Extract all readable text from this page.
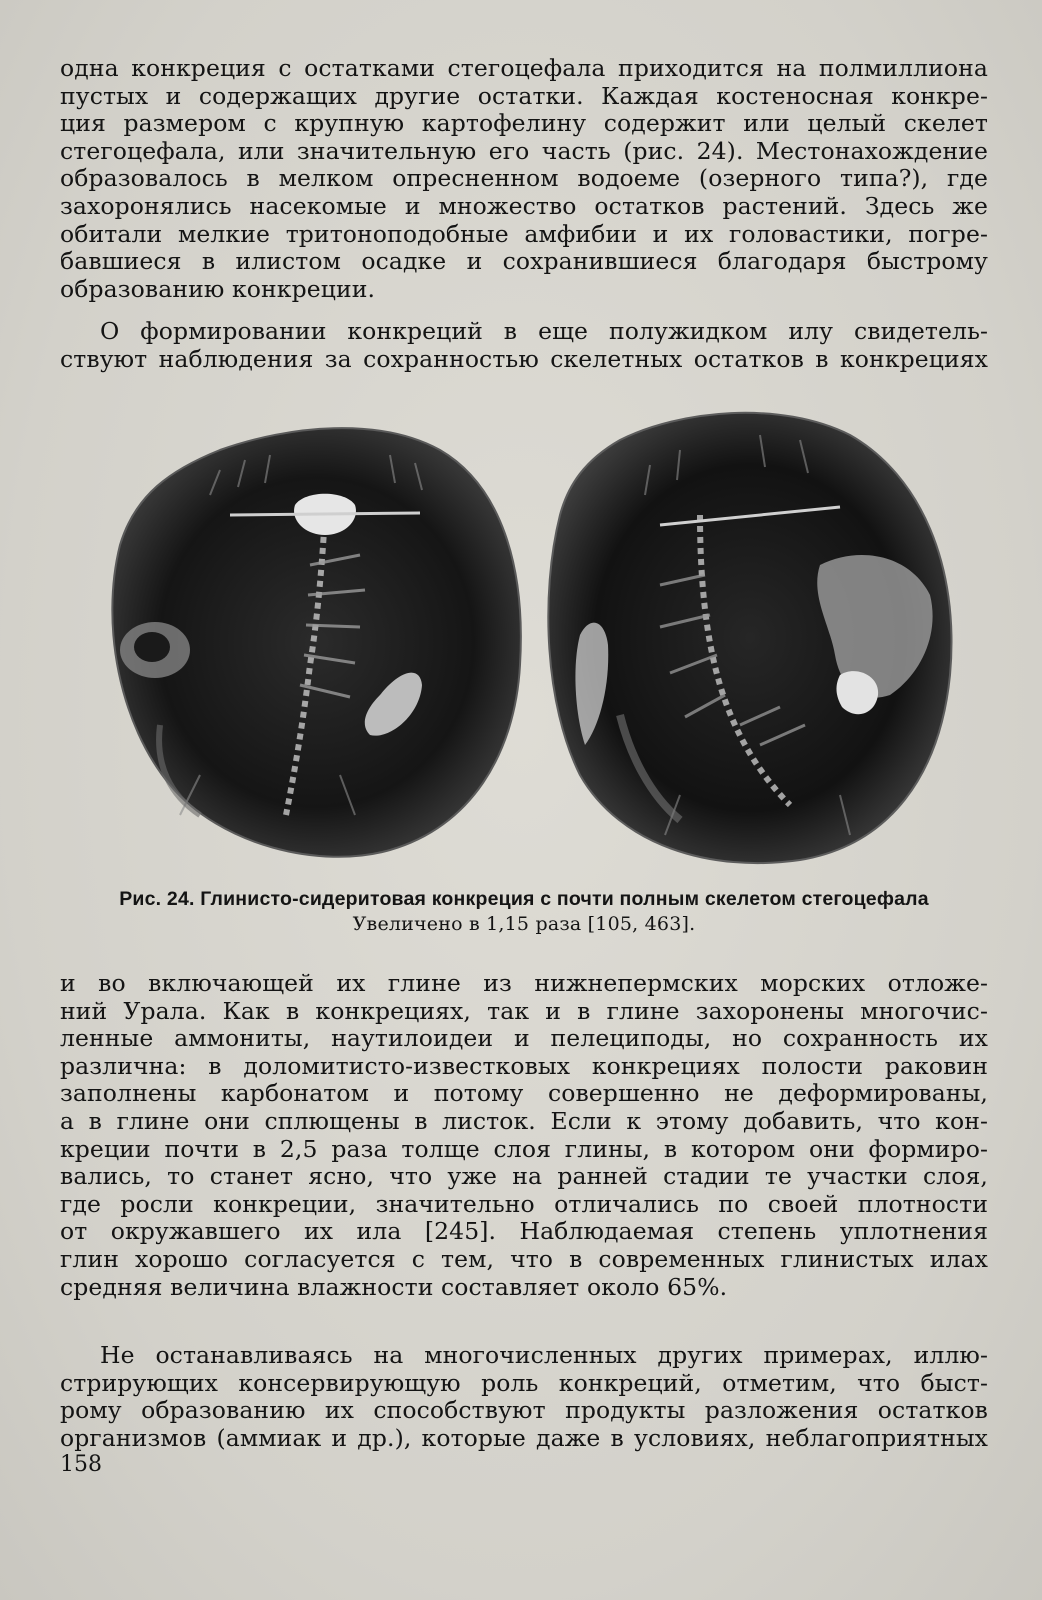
одна конкреция с остатками стегоцефала приходится на полмиллиона
пустых и содержащих другие остатки. Каждая костеносная конкре-
ция размером с крупную картофелину содержит или целый скелет
стегоцефала, или значительную его часть (рис. 24). Местонахождение
образовалось в мелком опресненном водоеме (озерного типа?), где
захоронялись насекомые и множество остатков растений. Здесь же
обитали мелкие тритоноподобные амфибии и их головастики, погре-
бавшиеся в илистом осадке и сохранившиеся благодаря быстрому
образованию конкреции.
О формировании конкреций в еще полужидком илу свидетель-
ствуют наблюдения за сохранностью скелетных остатков в конкрециях
Рис. 24. Глинисто-сидеритовая конкреция с почти полным скелетом стегоцефала
Увеличено в 1,15 раза [105, 463].
и во включающей их глине из нижнепермских морских отложе-
ний Урала. Как в конкрециях, так и в глине захоронены многочис-
ленные аммониты, наутилоидеи и пелециподы, но сохранность их
различна: в доломитисто-известковых конкрециях полости раковин
заполнены карбонатом и потому совершенно не деформированы,
а в глине они сплющены в листок. Если к этому добавить, что кон-
креции почти в 2,5 раза толще слоя глины, в котором они формиро-
вались, то станет ясно, что уже на ранней стадии те участки слоя,
где росли конкреции, значительно отличались по своей плотности
от окружавшего их ила [245]. Наблюдаемая степень уплотнения
глин хорошо согласуется с тем, что в современных глинистых илах
средняя величина влажности составляет около 65%.
Не останавливаясь на многочисленных других примерах, иллю-
стрирующих консервирующую роль конкреций, отметим, что быст-
рому образованию их способствуют продукты разложения остатков
организмов (аммиак и др.), которые даже в условиях, неблагоприятных
158
